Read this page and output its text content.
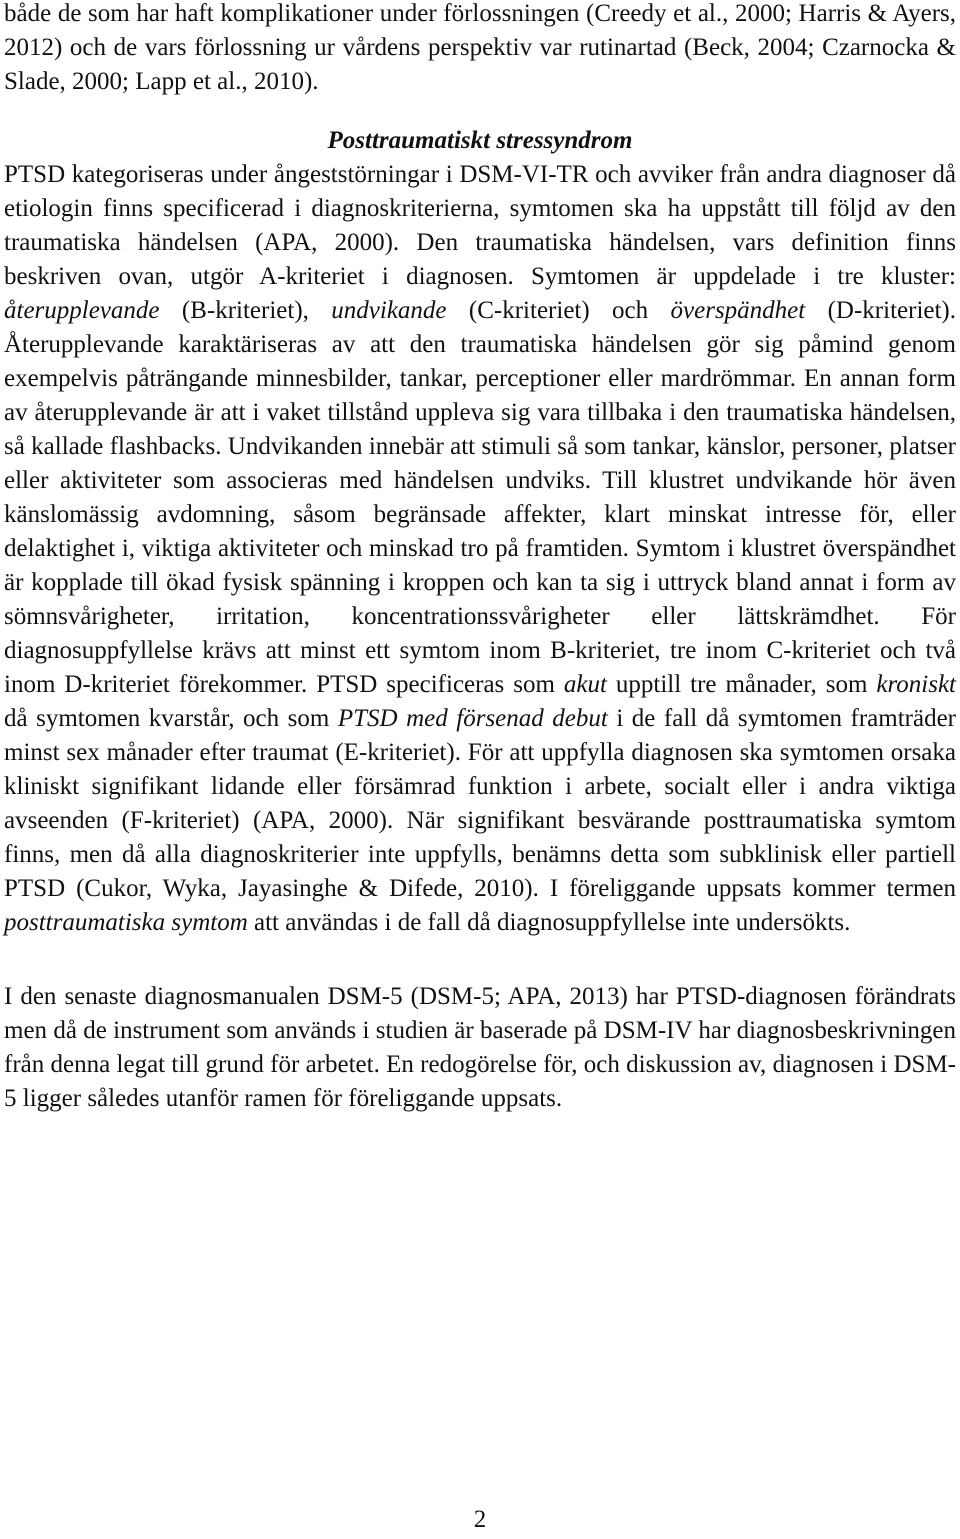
både de som har haft komplikationer under förlossningen (Creedy et al., 2000; Harris & Ayers, 2012) och de vars förlossning ur vårdens perspektiv var rutinartad (Beck, 2004; Czarnocka & Slade, 2000; Lapp et al., 2010).

Posttraumatiskt stressyndrom

PTSD kategoriseras under ångeststörningar i DSM-VI-TR och avviker från andra diagnoser då etiologin finns specificerad i diagnoskriterierna, symtomen ska ha uppstått till följd av den traumatiska händelsen (APA, 2000). Den traumatiska händelsen, vars definition finns beskriven ovan, utgör A-kriteriet i diagnosen. Symtomen är uppdelade i tre kluster: återupplevande (B-kriteriet), undvikande (C-kriteriet) och överspändhet (D-kriteriet). Återupplevande karaktäriseras av att den traumatiska händelsen gör sig påmind genom exempelvis påträngande minnesbilder, tankar, perceptioner eller mardrömmar. En annan form av återupplevande är att i vaket tillstånd uppleva sig vara tillbaka i den traumatiska händelsen, så kallade flashbacks. Undvikanden innebär att stimuli så som tankar, känslor, personer, platser eller aktiviteter som associeras med händelsen undviks. Till klustret undvikande hör även känslomässig avdomning, såsom begränsade affekter, klart minskat intresse för, eller delaktighet i, viktiga aktiviteter och minskad tro på framtiden. Symtom i klustret överspändhet är kopplade till ökad fysisk spänning i kroppen och kan ta sig i uttryck bland annat i form av sömnsvårigheter, irritation, koncentrationssvårigheter eller lättskrämdhet. För diagnosuppfyllelse krävs att minst ett symtom inom B-kriteriet, tre inom C-kriteriet och två inom D-kriteriet förekommer. PTSD specificeras som akut upptill tre månader, som kroniskt då symtomen kvarstår, och som PTSD med försenad debut i de fall då symtomen framträder minst sex månader efter traumat (E-kriteriet). För att uppfylla diagnosen ska symtomen orsaka kliniskt signifikant lidande eller försämrad funktion i arbete, socialt eller i andra viktiga avseenden (F-kriteriet) (APA, 2000). När signifikant besvärande posttraumatiska symtom finns, men då alla diagnoskriterier inte uppfylls, benämns detta som subklinisk eller partiell PTSD (Cukor, Wyka, Jayasinghe & Difede, 2010). I föreliggande uppsats kommer termen posttraumatiska symtom att användas i de fall då diagnosuppfyllelse inte undersökts.

I den senaste diagnosmanualen DSM-5 (DSM-5; APA, 2013) har PTSD-diagnosen förändrats men då de instrument som används i studien är baserade på DSM-IV har diagnosbeskrivningen från denna legat till grund för arbetet. En redogörelse för, och diskussion av, diagnosen i DSM-5 ligger således utanför ramen för föreliggande uppsats.

2
